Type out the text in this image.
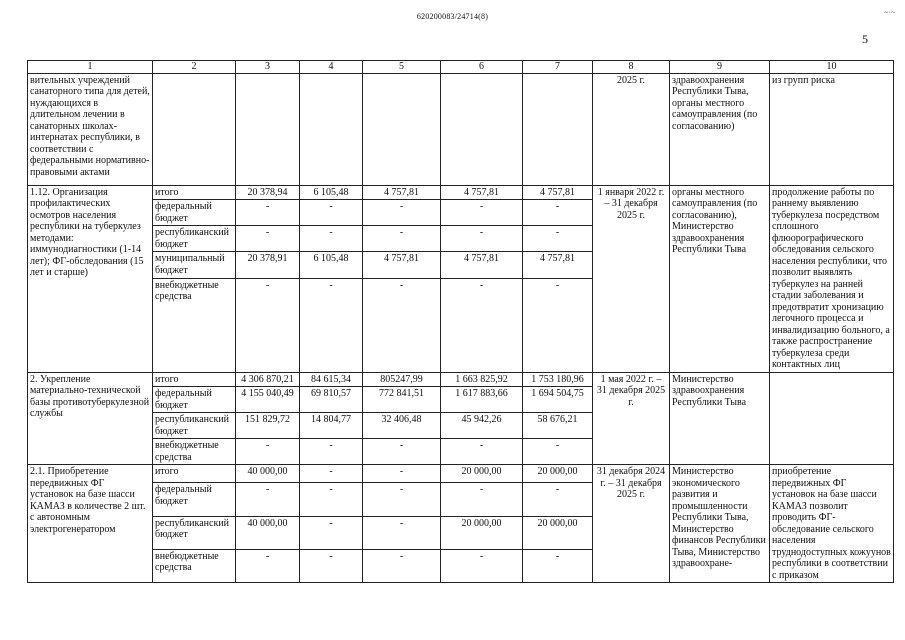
620200083/24714(8)	~·~
5
1	2	3	4	5	6	7	8	9	10
вительных учреждений санаторного типа для детей, нуждающихся в длительном лечении в санаторных школах-интернатах республики, в соответствии с федеральными нормативно-правовыми актами							2025 г.	здравоохранения Республики Тыва, органы местного самоуправления (по согласованию)	из групп риска
1.12. Организация профилактических осмотров населения республики на туберкулез методами: иммунодиагностики (1-14 лет); ФГ-обследования (15 лет и старше)	итого	20 378,94	6 105,48	4 757,81	4 757,81	4 757,81	1 января 2022 г. – 31 декабря 2025 г.	органы местного самоуправления (по согласованию), Министерство здравоохранения Республики Тыва	продолжение работы по раннему выявлению туберкулеза посредством сплошного флюорографического обследования сельского населения республики, что позволит выявлять туберкулез на ранней стадии заболевания и предотвратит хронизацию легочного процесса и инвалидизацию больного, а также распространение туберкулеза среди контактных лиц
	федеральный бюджет	-	-	-	-	-			
	республиканский бюджет	-	-	-	-	-			
	муниципальный бюджет	20 378,91	6 105,48	4 757,81	4 757,81	4 757,81			
	внебюджетные средства	-	-	-	-	-			
2. Укрепление материально-технической базы противотуберкулезной службы	итого	4 306 870,21	84 615,34	805247,99	1 663 825,92	1 753 180,96	1 мая 2022 г. – 31 декабря 2025 г.	Министерство здравоохранения Республики Тыва	
	федеральный бюджет	4 155 040,49	69 810,57	772 841,51	1 617 883,66	1 694 504,75			
	республиканский бюджет	151 829,72	14 804,77	32 406,48	45 942,26	58 676,21			
	внебюджетные средства	-	-	-	-	-			
2.1. Приобретение передвижных ФГ установок на базе шасси КАМАЗ в количестве 2 шт. с автономным электрогенератором	итого	40 000,00	-	-	20 000,00	20 000,00	31 декабря 2024 г. – 31 декабря 2025 г.	Министерство экономического развития и промышленности Республики Тыва, Министерство финансов Республики Тыва, Министерство здравоохране-	приобретение передвижных ФГ установок на базе шасси КАМАЗ позволит проводить ФГ-обследование сельского населения труднодоступных кожуунов республики в соответствии с приказом
	федеральный бюджет	-	-	-	-	-			
	республиканский бюджет	40 000,00	-	-	20 000,00	20 000,00			
	внебюджетные средства	-	-	-	-	-			
